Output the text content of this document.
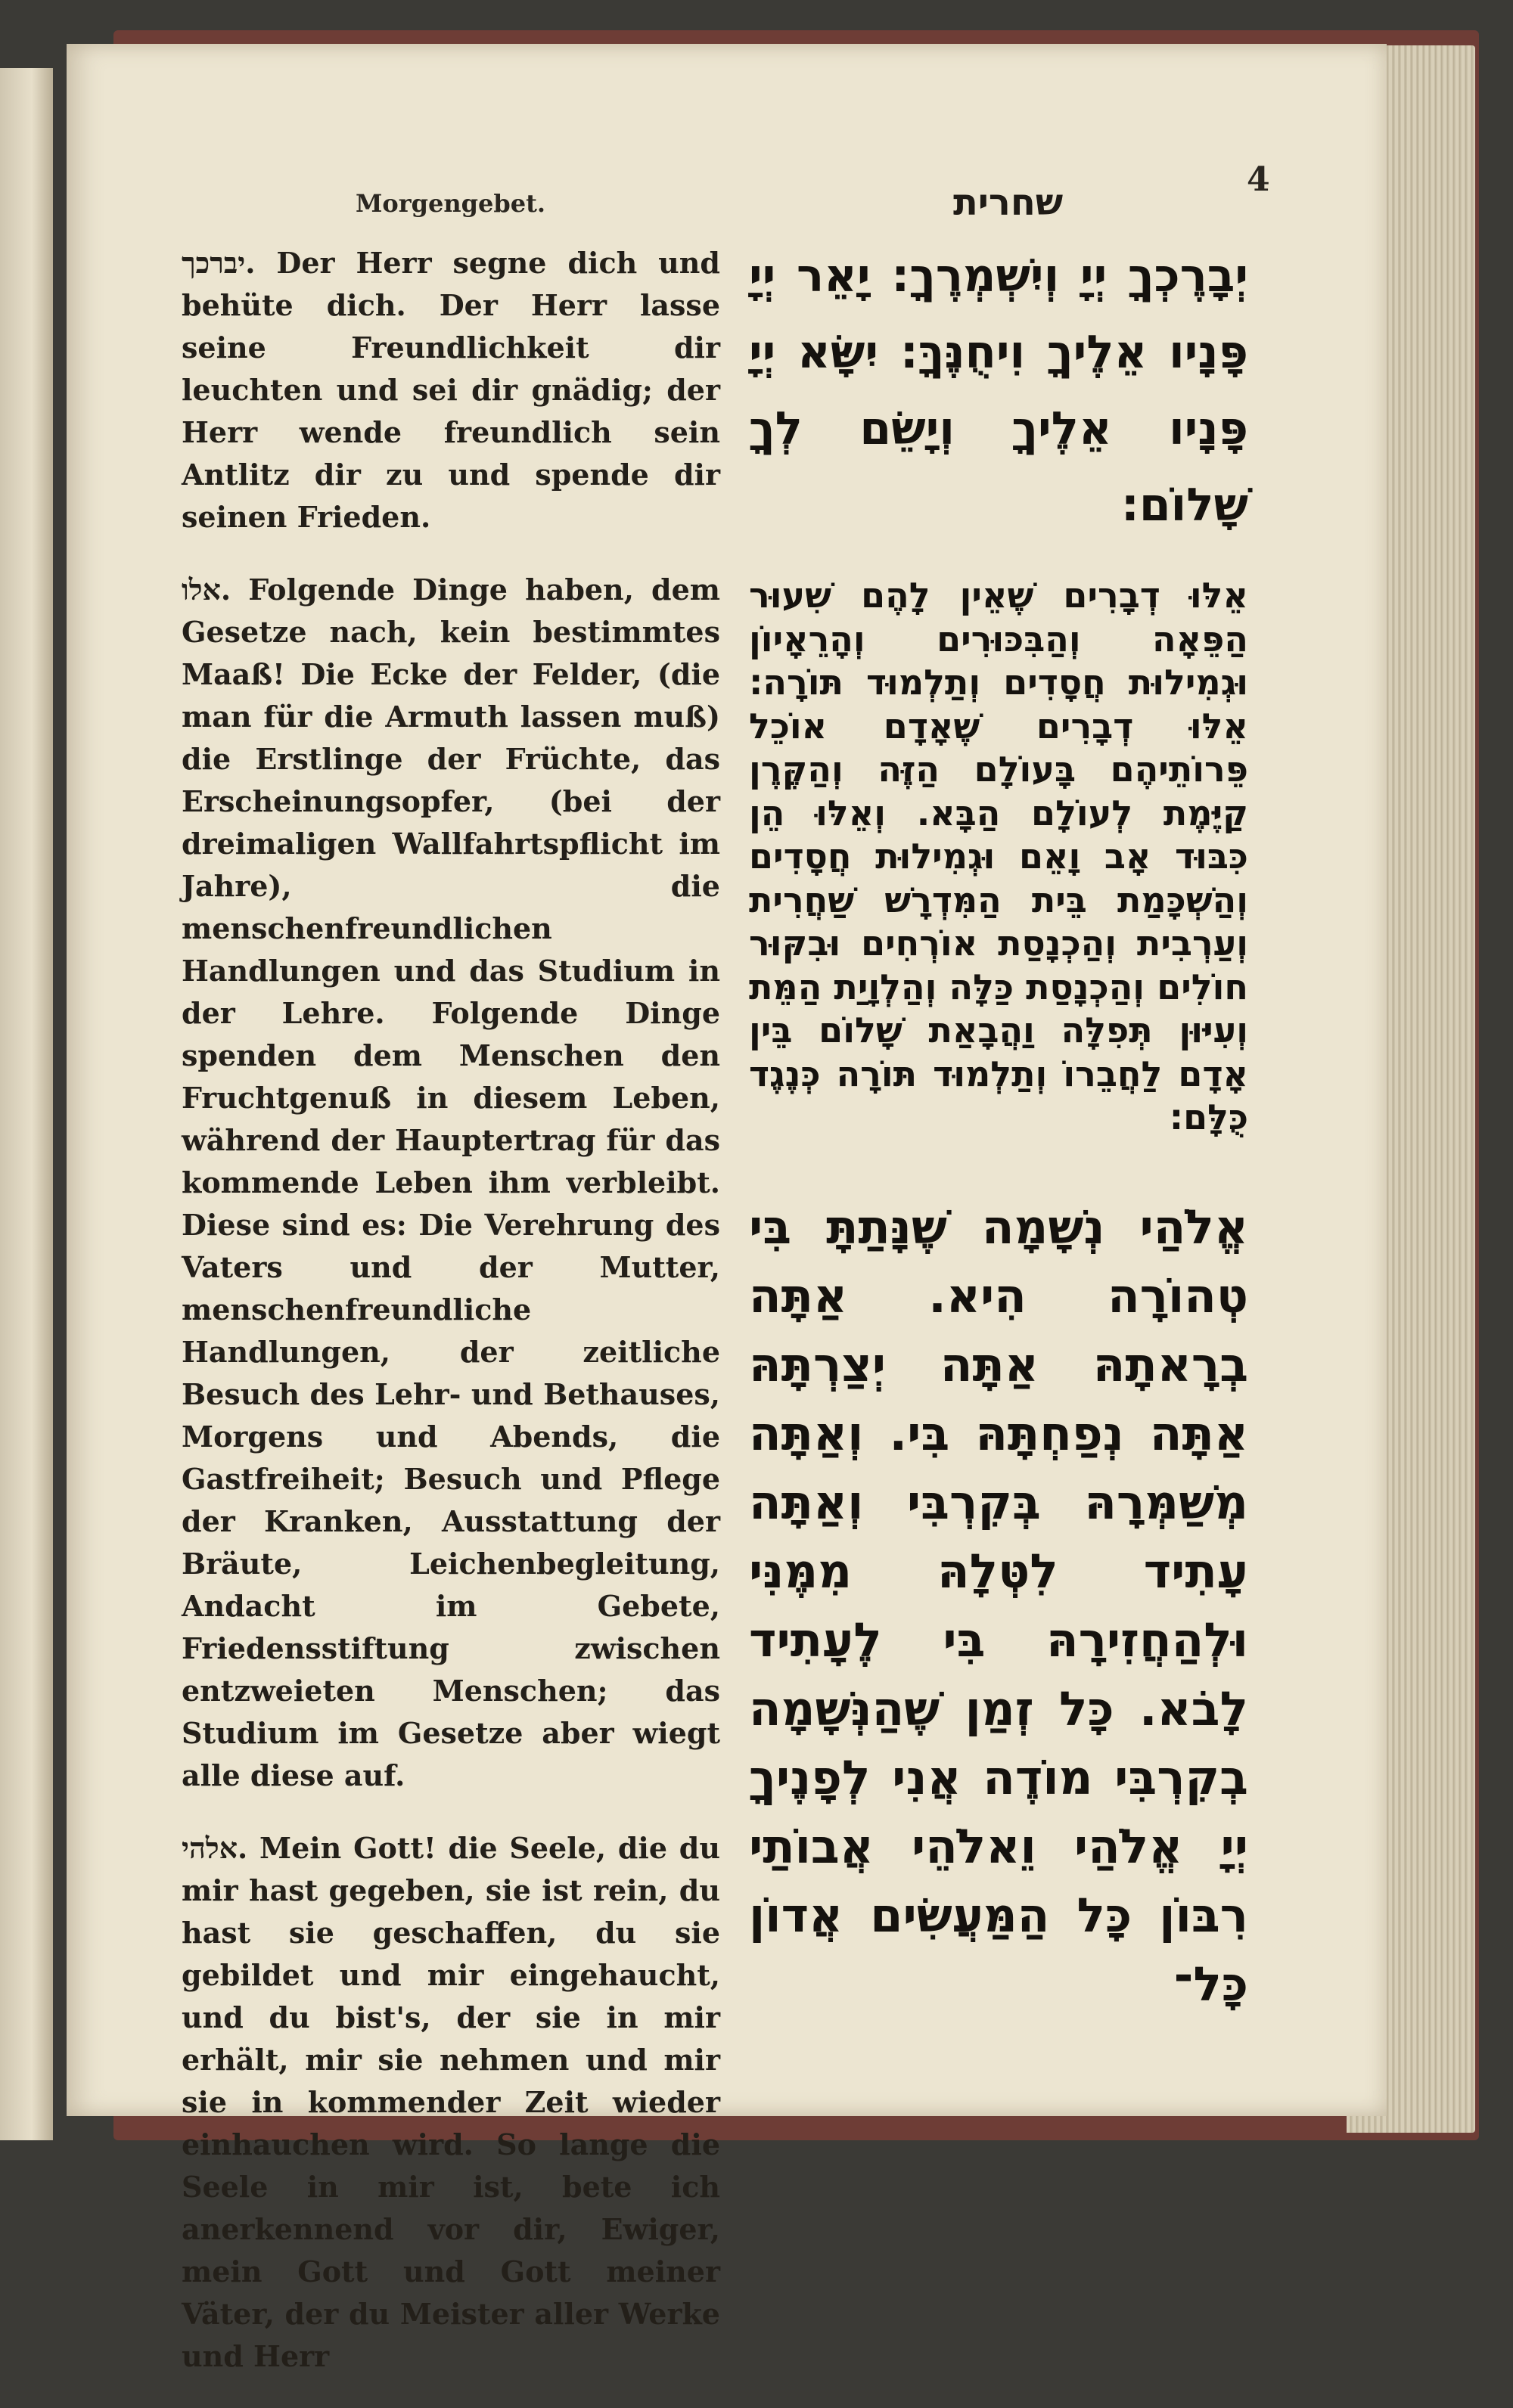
Morgengebet.	שחרית
4

יברכך. Der Herr segne dich und behüte dich. Der Herr lasse seine Freundlichkeit dir leuchten und sei dir gnädig; der Herr wende freundlich sein Antlitz dir zu und spende dir seinen Frieden.

אלו. Folgende Dinge haben, dem Gesetze nach, kein bestimmtes Maaß! Die Ecke der Felder, (die man für die Armuth lassen muß) die Erstlinge der Früchte, das Erscheinungsopfer, (bei der dreimaligen Wallfahrtspflicht im Jahre), die menschenfreundlichen Handlungen und das Studium in der Lehre. Folgende Dinge spenden dem Menschen den Fruchtgenuß in diesem Leben, während der Hauptertrag für das kommende Leben ihm verbleibt. Diese sind es: Die Verehrung des Vaters und der Mutter, menschenfreundliche Handlungen, der zeitliche Besuch des Lehr- und Bethauses, Morgens und Abends, die Gastfreiheit; Besuch und Pflege der Kranken, Ausstattung der Bräute, Leichenbegleitung, Andacht im Gebete, Friedensstiftung zwischen entzweieten Menschen; das Studium im Gesetze aber wiegt alle diese auf.

אלהי. Mein Gott! die Seele, die du mir hast gegeben, sie ist rein, du hast sie geschaffen, du sie gebildet und mir eingehaucht, und du bist's, der sie in mir erhält, mir sie nehmen und mir sie in kommender Zeit wieder einhauchen wird. So lange die Seele in mir ist, bete ich anerkennend vor dir, Ewiger, mein Gott und Gott meiner Väter, der du Meister aller Werke und Herr

יְבָרֶכְךָ יְיָ וְיִשְׁמְרֶךָ: יָאֵר יְיָ פָּנָיו אֵלֶיךָ וִיחֻנֶּךָּ: יִשָּׂא יְיָ פָּנָיו אֵלֶיךָ וְיָשֵׂם לְךָ שָׁלוֹם:

אֵלּוּ דְבָרִים שֶׁאֵין לָהֶם שִׁעוּר הַפֵּאָה וְהַבִּכּוּרִים וְהָרֵאָיוֹן וּגְמִילוּת חֲסָדִים וְתַלְמוּד תּוֹרָה: אֵלּוּ דְבָרִים שֶׁאָדָם אוֹכֵל פֵּרוֹתֵיהֶם בָּעוֹלָם הַזֶּה וְהַקֶּרֶן קַיֶּמֶת לְעוֹלָם הַבָּא. וְאֵלּוּ הֵן כִּבּוּד אָב וָאֵם וּגְמִילוּת חֲסָדִים וְהַשְׁכָּמַת בֵּית הַמִּדְרָשׁ שַׁחֲרִית וְעַרְבִית וְהַכְנָסַת אוֹרְחִים וּבִקּוּר חוֹלִים וְהַכְנָסַת כַּלָּה וְהַלְוָיַת הַמֵּת וְעִיּוּן תְּפִלָּה וַהֲבָאַת שָׁלוֹם בֵּין אָדָם לַחֲבֵרוֹ וְתַלְמוּד תּוֹרָה כְּנֶגֶד כֻּלָּם:

אֱלֹהַי נְשָׁמָה שֶׁנָּתַתָּ בִּי טְהוֹרָה הִיא. אַתָּה בְרָאתָהּ אַתָּה יְצַרְתָּהּ אַתָּה נְפַחְתָּהּ בִּי. וְאַתָּה מְשַׁמְּרָהּ בְּקִרְבִּי וְאַתָּה עָתִיד לִטְּלָהּ מִמֶּנִּי וּלְהַחֲזִירָהּ בִּי לֶעָתִיד לָבֹא. כָּל זְמַן שֶׁהַנְּשָׁמָה בְקִרְבִּי מוֹדֶה אֲנִי לְפָנֶיךָ יְיָ אֱלֹהַי וֵאלֹהֵי אֲבוֹתַי רִבּוֹן כָּל הַמַּעֲשִׂים אֲדוֹן כָּל־
